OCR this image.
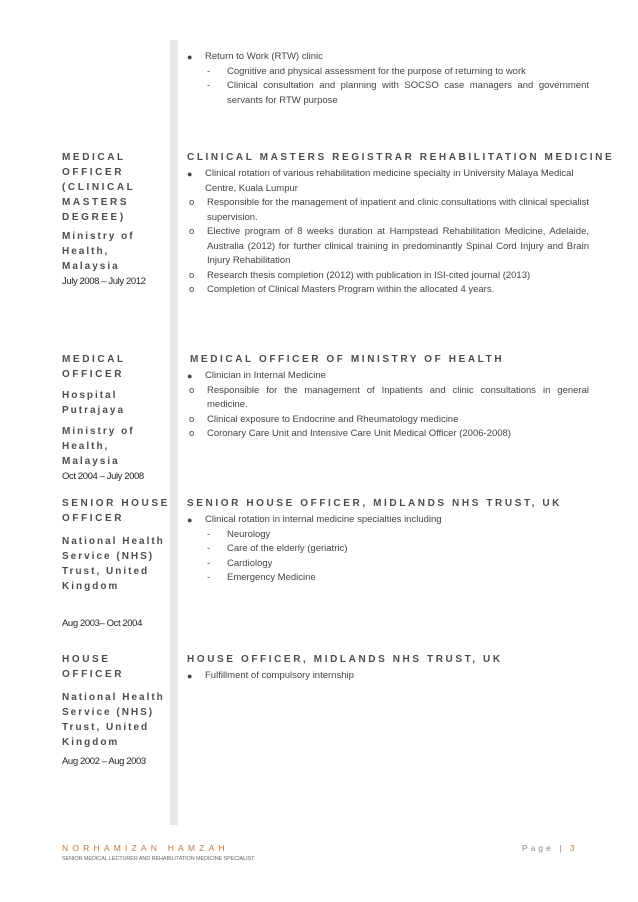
● Return to Work (RTW) clinic
- Cognitive and physical assessment for the purpose of returning to work
- Clinical consultation and planning with SOCSO case managers and government servants for RTW purpose
MEDICAL OFFICER
(CLINICAL
MASTERS
DEGREE)
Ministry of
Health, Malaysia
July 2008 – July 2012
CLINICAL MASTERS REGISTRAR REHABILITATION MEDICINE
● Clinical rotation of various rehabilitation medicine specialty in University Malaya Medical Centre, Kuala Lumpur
o Responsible for the management of inpatient and clinic consultations with clinical specialist supervision.
o Elective program of 8 weeks duration at Hampstead Rehabilitation Medicine, Adelaide, Australia (2012) for further clinical training in predominantly Spinal Cord Injury and Brain Injury Rehabilitation
o Research thesis completion (2012) with publication in ISI-cited journal (2013)
o Completion of Clinical Masters Program within the allocated 4 years.
MEDICAL OFFICER
Hospital
Putrajaya
Ministry of
Health, Malaysia
Oct 2004 – July 2008
MEDICAL OFFICER OF MINISTRY OF HEALTH
● Clinician in Internal Medicine
o Responsible for the management of Inpatients and clinic consultations in general medicine.
o Clinical exposure to Endocrine and Rheumatology medicine
o Coronary Care Unit and Intensive Care Unit Medical Officer (2006-2008)
SENIOR HOUSE
OFFICER
National Health
Service (NHS)
Trust, United
Kingdom
Aug 2003– Oct 2004
SENIOR HOUSE OFFICER, MIDLANDS NHS TRUST, UK
● Clinical rotation in internal medicine specialties including
- Neurology
- Care of the elderly (geriatric)
- Cardiology
- Emergency Medicine
HOUSE OFFICER
National Health
Service (NHS)
Trust, United
Kingdom
Aug 2002 – Aug 2003
HOUSE OFFICER, MIDLANDS NHS TRUST, UK
● Fulfillment of compulsory internship
NORHAMIZAN HAMZAH
SENIOR MEDICAL LECTURER AND REHABILITATION MEDICINE SPECIALIST
Page | 3
